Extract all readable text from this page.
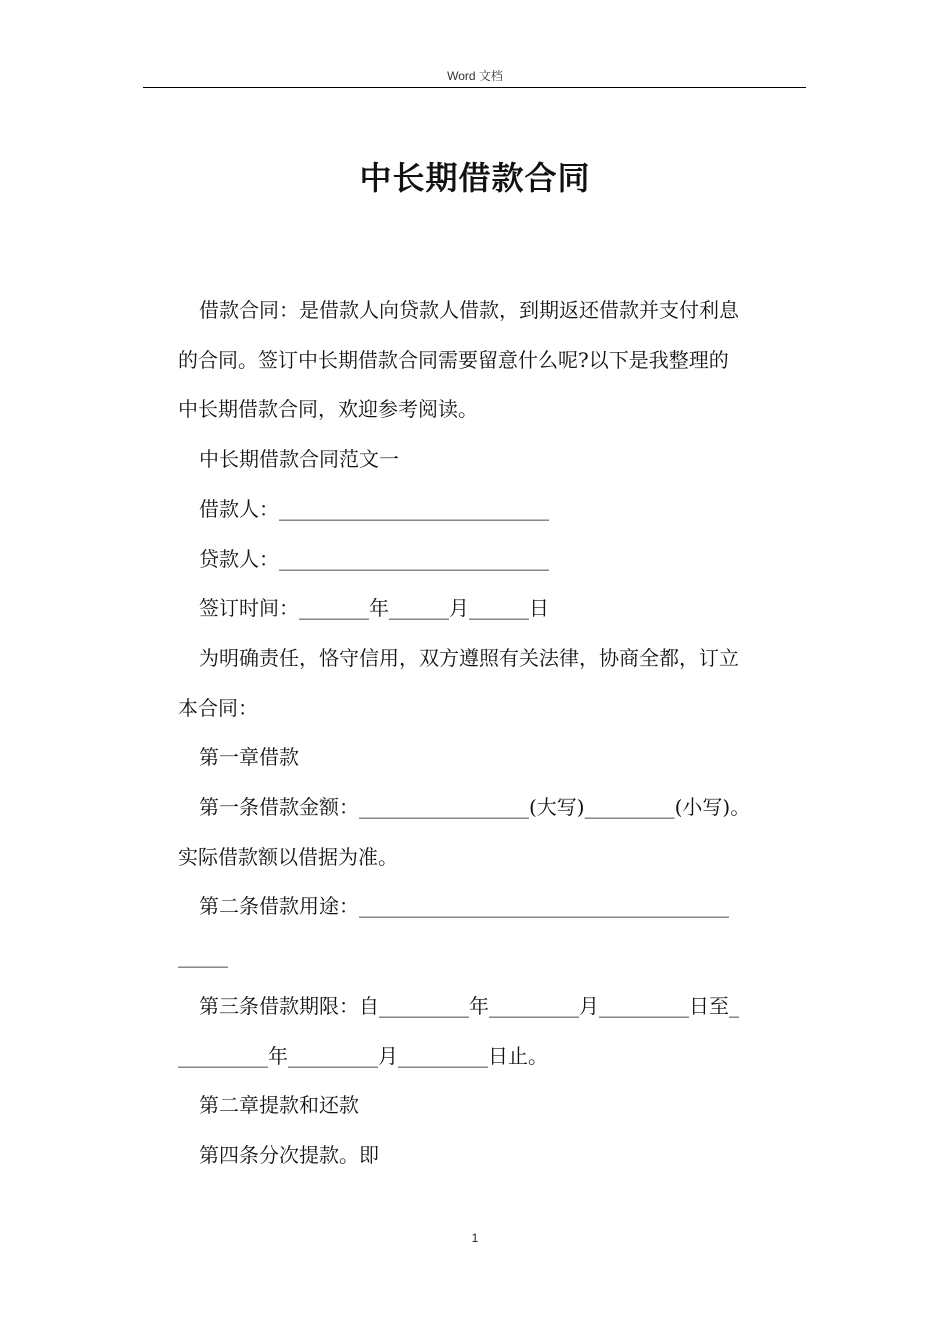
Word 文档
中长期借款合同

借款合同：是借款人向贷款人借款，到期返还借款并支付利息

的合同。签订中长期借款合同需要留意什么呢?以下是我整理的

中长期借款合同，欢迎参考阅读。

中长期借款合同范文一

借款人：___________________________

贷款人：___________________________

签订时间：_______年______月______日

为明确责任，恪守信用，双方遵照有关法律，协商全都，订立

本合同：

第一章借款

第一条借款金额：_________________(大写)_________(小写)。

实际借款额以借据为准。

第二条借款用途：_____________________________________

_____

第三条借款期限：自_________年_________月_________日至_

_________年_________月_________日止。

第二章提款和还款

第四条分次提款。即

1
